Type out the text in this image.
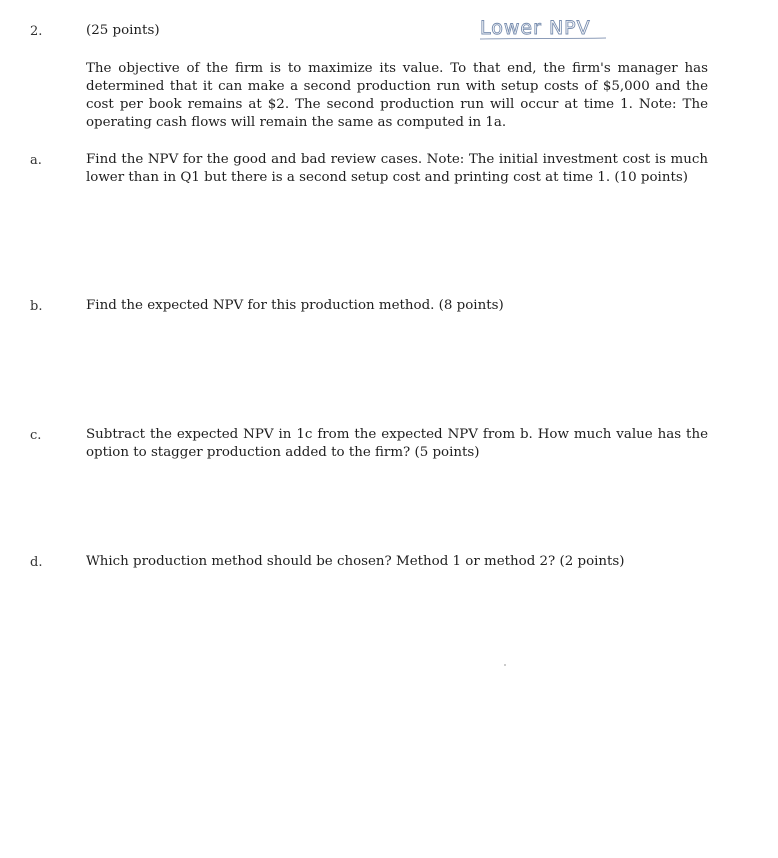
2.	(25 points)	Lower NPV
The objective of the firm is to maximize its value. To that end, the firm's manager has determined that it can make a second production run with setup costs of $5,000 and the cost per book remains at $2. The second production run will occur at time 1. Note: The operating cash flows will remain the same as computed in 1a.
a.	Find the NPV for the good and bad review cases. Note: The initial investment cost is much lower than in Q1 but there is a second setup cost and printing cost at time 1. (10 points)
b.	Find the expected NPV for this production method. (8 points)
c.	Subtract the expected NPV in 1c from the expected NPV from b. How much value has the option to stagger production added to the firm? (5 points)
d.	Which production method should be chosen? Method 1 or method 2? (2 points)
